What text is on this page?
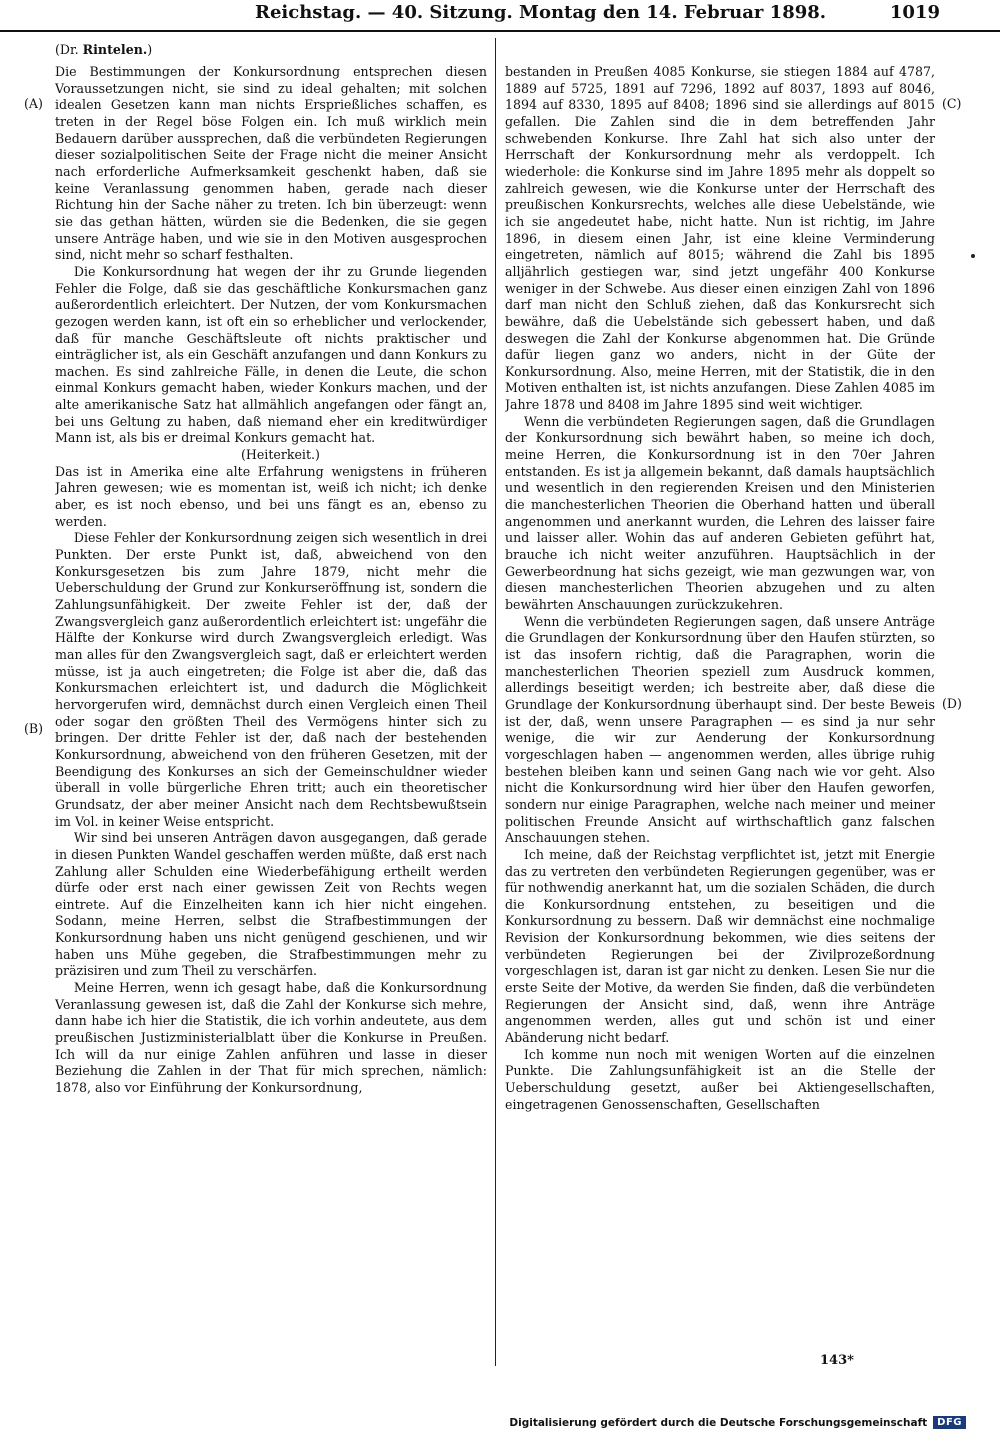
Reichstag. — 40. Sitzung. Montag den 14. Februar 1898.	1019
(Dr. Rintelen.)
(A)
(B)
(C)
(D)

Die Bestimmungen der Konkursordnung entsprechen diesen Voraussetzungen nicht, sie sind zu ideal gehalten; mit solchen idealen Gesetzen kann man nichts Ersprießliches schaffen, es treten in der Regel böse Folgen ein. Ich muß wirklich mein Bedauern darüber aussprechen, daß die verbündeten Regierungen dieser sozialpolitischen Seite der Frage nicht die meiner Ansicht nach erforderliche Aufmerksamkeit geschenkt haben, daß sie keine Veranlassung genommen haben, gerade nach dieser Richtung hin der Sache näher zu treten. Ich bin überzeugt: wenn sie das gethan hätten, würden sie die Bedenken, die sie gegen unsere Anträge haben, und wie sie in den Motiven ausgesprochen sind, nicht mehr so scharf festhalten.

Die Konkursordnung hat wegen der ihr zu Grunde liegenden Fehler die Folge, daß sie das geschäftliche Konkursmachen ganz außerordentlich erleichtert. Der Nutzen, der vom Konkursmachen gezogen werden kann, ist oft ein so erheblicher und verlockender, daß für manche Geschäftsleute oft nichts praktischer und einträglicher ist, als ein Geschäft anzufangen und dann Konkurs zu machen. Es sind zahlreiche Fälle, in denen die Leute, die schon einmal Konkurs gemacht haben, wieder Konkurs machen, und der alte amerikanische Satz hat allmählich angefangen oder fängt an, bei uns Geltung zu haben, daß niemand eher ein kreditwürdiger Mann ist, als bis er dreimal Konkurs gemacht hat.

(Heiterkeit.)

Das ist in Amerika eine alte Erfahrung wenigstens in früheren Jahren gewesen; wie es momentan ist, weiß ich nicht; ich denke aber, es ist noch ebenso, und bei uns fängt es an, ebenso zu werden.

Diese Fehler der Konkursordnung zeigen sich wesentlich in drei Punkten. Der erste Punkt ist, daß, abweichend von den Konkursgesetzen bis zum Jahre 1879, nicht mehr die Ueberschuldung der Grund zur Konkurseröffnung ist, sondern die Zahlungsunfähigkeit. Der zweite Fehler ist der, daß der Zwangsvergleich ganz außerordentlich erleichtert ist: ungefähr die Hälfte der Konkurse wird durch Zwangsvergleich erledigt. Was man alles für den Zwangsvergleich sagt, daß er erleichtert werden müsse, ist ja auch eingetreten; die Folge ist aber die, daß das Konkursmachen erleichtert ist, und dadurch die Möglichkeit hervorgerufen wird, demnächst durch einen Vergleich einen Theil oder sogar den größten Theil des Vermögens hinter sich zu bringen. Der dritte Fehler ist der, daß nach der bestehenden Konkursordnung, abweichend von den früheren Gesetzen, mit der Beendigung des Konkurses an sich der Gemeinschuldner wieder überall in volle bürgerliche Ehren tritt; auch ein theoretischer Grundsatz, der aber meiner Ansicht nach dem Rechtsbewußtsein im Vol. in keiner Weise entspricht.

Wir sind bei unseren Anträgen davon ausgegangen, daß gerade in diesen Punkten Wandel geschaffen werden müßte, daß erst nach Zahlung aller Schulden eine Wiederbefähigung ertheilt werden dürfe oder erst nach einer gewissen Zeit von Rechts wegen eintrete. Auf die Einzelheiten kann ich hier nicht eingehen. Sodann, meine Herren, selbst die Strafbestimmungen der Konkursordnung haben uns nicht genügend geschienen, und wir haben uns Mühe gegeben, die Strafbestimmungen mehr zu präzisiren und zum Theil zu verschärfen.

Meine Herren, wenn ich gesagt habe, daß die Konkursordnung Veranlassung gewesen ist, daß die Zahl der Konkurse sich mehre, dann habe ich hier die Statistik, die ich vorhin andeutete, aus dem preußischen Justizministerialblatt über die Konkurse in Preußen. Ich will da nur einige Zahlen anführen und lasse in dieser Beziehung die Zahlen in der That für mich sprechen, nämlich: 1878, also vor Einführung der Konkursordnung,

bestanden in Preußen 4085 Konkurse, sie stiegen 1884 auf 4787, 1889 auf 5725, 1891 auf 7296, 1892 auf 8037, 1893 auf 8046, 1894 auf 8330, 1895 auf 8408; 1896 sind sie allerdings auf 8015 gefallen. Die Zahlen sind die in dem betreffenden Jahr schwebenden Konkurse. Ihre Zahl hat sich also unter der Herrschaft der Konkursordnung mehr als verdoppelt. Ich wiederhole: die Konkurse sind im Jahre 1895 mehr als doppelt so zahlreich gewesen, wie die Konkurse unter der Herrschaft des preußischen Konkursrechts, welches alle diese Uebelstände, wie ich sie angedeutet habe, nicht hatte. Nun ist richtig, im Jahre 1896, in diesem einen Jahr, ist eine kleine Verminderung eingetreten, nämlich auf 8015; während die Zahl bis 1895 alljährlich gestiegen war, sind jetzt ungefähr 400 Konkurse weniger in der Schwebe. Aus dieser einen einzigen Zahl von 1896 darf man nicht den Schluß ziehen, daß das Konkursrecht sich bewähre, daß die Uebelstände sich gebessert haben, und daß deswegen die Zahl der Konkurse abgenommen hat. Die Gründe dafür liegen ganz wo anders, nicht in der Güte der Konkursordnung. Also, meine Herren, mit der Statistik, die in den Motiven enthalten ist, ist nichts anzufangen. Diese Zahlen 4085 im Jahre 1878 und 8408 im Jahre 1895 sind weit wichtiger.

Wenn die verbündeten Regierungen sagen, daß die Grundlagen der Konkursordnung sich bewährt haben, so meine ich doch, meine Herren, die Konkursordnung ist in den 70er Jahren entstanden. Es ist ja allgemein bekannt, daß damals hauptsächlich und wesentlich in den regierenden Kreisen und den Ministerien die manchesterlichen Theorien die Oberhand hatten und überall angenommen und anerkannt wurden, die Lehren des laisser faire und laisser aller. Wohin das auf anderen Gebieten geführt hat, brauche ich nicht weiter anzuführen. Hauptsächlich in der Gewerbeordnung hat sichs gezeigt, wie man gezwungen war, von diesen manchesterlichen Theorien abzugehen und zu alten bewährten Anschauungen zurückzukehren.

Wenn die verbündeten Regierungen sagen, daß unsere Anträge die Grundlagen der Konkursordnung über den Haufen stürzten, so ist das insofern richtig, daß die Paragraphen, worin die manchesterlichen Theorien speziell zum Ausdruck kommen, allerdings beseitigt werden; ich bestreite aber, daß diese die Grundlage der Konkursordnung überhaupt sind. Der beste Beweis ist der, daß, wenn unsere Paragraphen — es sind ja nur sehr wenige, die wir zur Aenderung der Konkursordnung vorgeschlagen haben — angenommen werden, alles übrige ruhig bestehen bleiben kann und seinen Gang nach wie vor geht. Also nicht die Konkursordnung wird hier über den Haufen geworfen, sondern nur einige Paragraphen, welche nach meiner und meiner politischen Freunde Ansicht auf wirthschaftlich ganz falschen Anschauungen stehen.

Ich meine, daß der Reichstag verpflichtet ist, jetzt mit Energie das zu vertreten den verbündeten Regierungen gegenüber, was er für nothwendig anerkannt hat, um die sozialen Schäden, die durch die Konkursordnung entstehen, zu beseitigen und die Konkursordnung zu bessern. Daß wir demnächst eine nochmalige Revision der Konkursordnung bekommen, wie dies seitens der verbündeten Regierungen bei der Zivilprozeßordnung vorgeschlagen ist, daran ist gar nicht zu denken. Lesen Sie nur die erste Seite der Motive, da werden Sie finden, daß die verbündeten Regierungen der Ansicht sind, daß, wenn ihre Anträge angenommen werden, alles gut und schön ist und einer Abänderung nicht bedarf.

Ich komme nun noch mit wenigen Worten auf die einzelnen Punkte. Die Zahlungsunfähigkeit ist an die Stelle der Ueberschuldung gesetzt, außer bei Aktiengesellschaften, eingetragenen Genossenschaften, Gesellschaften

143*
Digitalisierung gefördert durch die Deutsche Forschungsgemeinschaft	DFG
